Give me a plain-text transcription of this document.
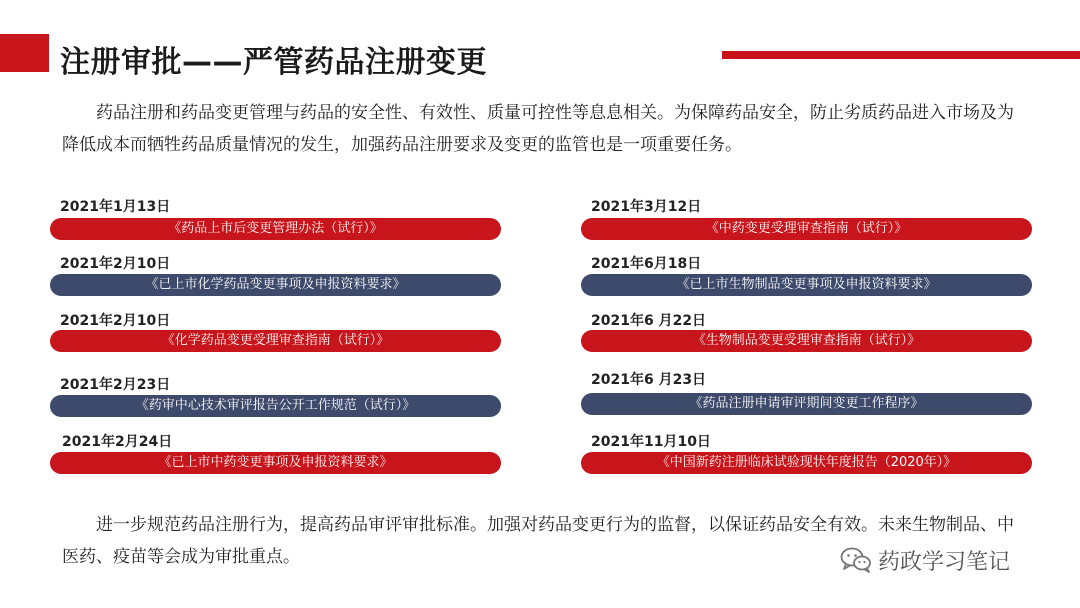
注册审批——严管药品注册变更
药品注册和药品变更管理与药品的安全性、有效性、质量可控性等息息相关。为保障药品安全，防止劣质药品进入市场及为降低成本而牺牲药品质量情况的发生，加强药品注册要求及变更的监管也是一项重要任务。
2021年1月13日
《药品上市后变更管理办法（试行）》
2021年2月10日
《已上市化学药品变更事项及申报资料要求》
2021年2月10日
《化学药品变更受理审查指南（试行）》
2021年2月23日
《药审中心技术审评报告公开工作规范（试行）》
2021年2月24日
《已上市中药变更事项及申报资料要求》
2021年3月12日
《中药变更受理审查指南（试行）》
2021年6月18日
《已上市生物制品变更事项及申报资料要求》
2021年6 月22日
《生物制品变更受理审查指南（试行）》
2021年6 月23日
《药品注册申请审评期间变更工作程序》
2021年11月10日
《中国新药注册临床试验现状年度报告（2020年）》
进一步规范药品注册行为，提高药品审评审批标准。加强对药品变更行为的监督，以保证药品安全有效。未来生物制品、中医药、疫苗等会成为审批重点。	药政学习笔记
